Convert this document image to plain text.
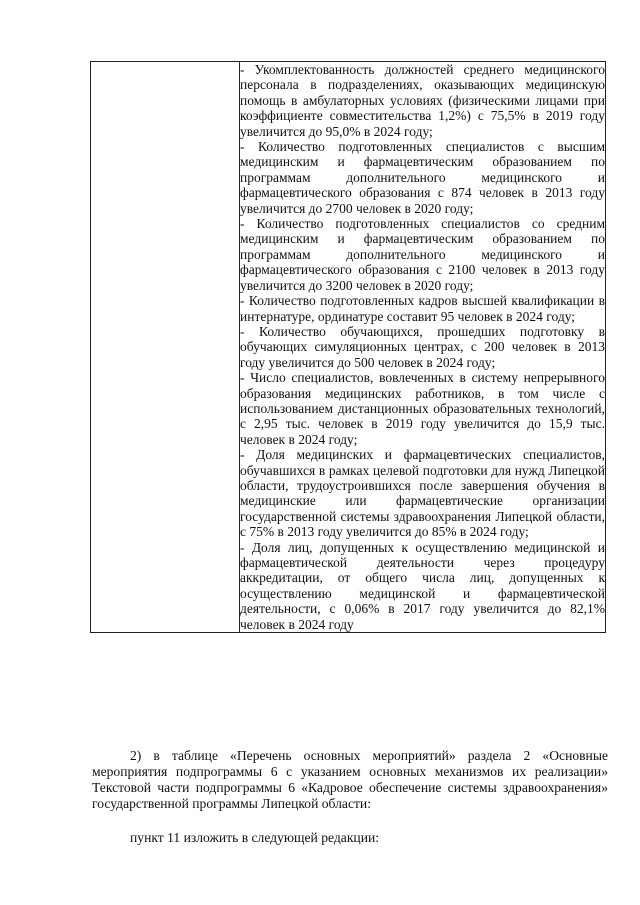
- Укомплектованность должностей среднего медицинского персонала в подразделениях, оказывающих медицинскую помощь в амбулаторных условиях (физическими лицами при коэффициенте совместительства 1,2%) с 75,5% в 2019 году увеличится до 95,0% в 2024 году;

- Количество подготовленных специалистов с высшим медицинским и фармацевтическим образованием по программам дополнительного медицинского и фармацевтического образования с 874 человек в 2013 году увеличится до 2700 человек в 2020 году;

- Количество подготовленных специалистов со средним медицинским и фармацевтическим образованием по программам дополнительного медицинского и фармацевтического образования с 2100 человек в 2013 году увеличится до 3200 человек в 2020 году;

- Количество подготовленных кадров высшей квалификации в интернатуре, ординатуре составит 95 человек в 2024 году;

- Количество обучающихся, прошедших подготовку в обучающих симуляционных центрах, с 200 человек в 2013 году увеличится до 500 человек в 2024 году;

- Число специалистов, вовлеченных в систему непрерывного образования медицинских работников, в том числе с использованием дистанционных образовательных технологий, с 2,95 тыс. человек в 2019 году увеличится до 15,9 тыс. человек в 2024 году;

- Доля медицинских и фармацевтических специалистов, обучавшихся в рамках целевой подготовки для нужд Липецкой области, трудоустроившихся после завершения обучения в медицинские или фармацевтические организации государственной системы здравоохранения Липецкой области, с 75% в 2013 году увеличится до 85% в 2024 году;

- Доля лиц, допущенных к осуществлению медицинской и фармацевтической деятельности через процедуру аккредитации, от общего числа лиц, допущенных к осуществлению медицинской и фармацевтической деятельности, с 0,06% в 2017 году увеличится до 82,1% человек в 2024 году

2) в таблице «Перечень основных мероприятий» раздела 2 «Основные мероприятия подпрограммы 6 с указанием основных механизмов их реализации» Текстовой части подпрограммы 6 «Кадровое обеспечение системы здравоохранения» государственной программы Липецкой области:

пункт 11 изложить в следующей редакции:
